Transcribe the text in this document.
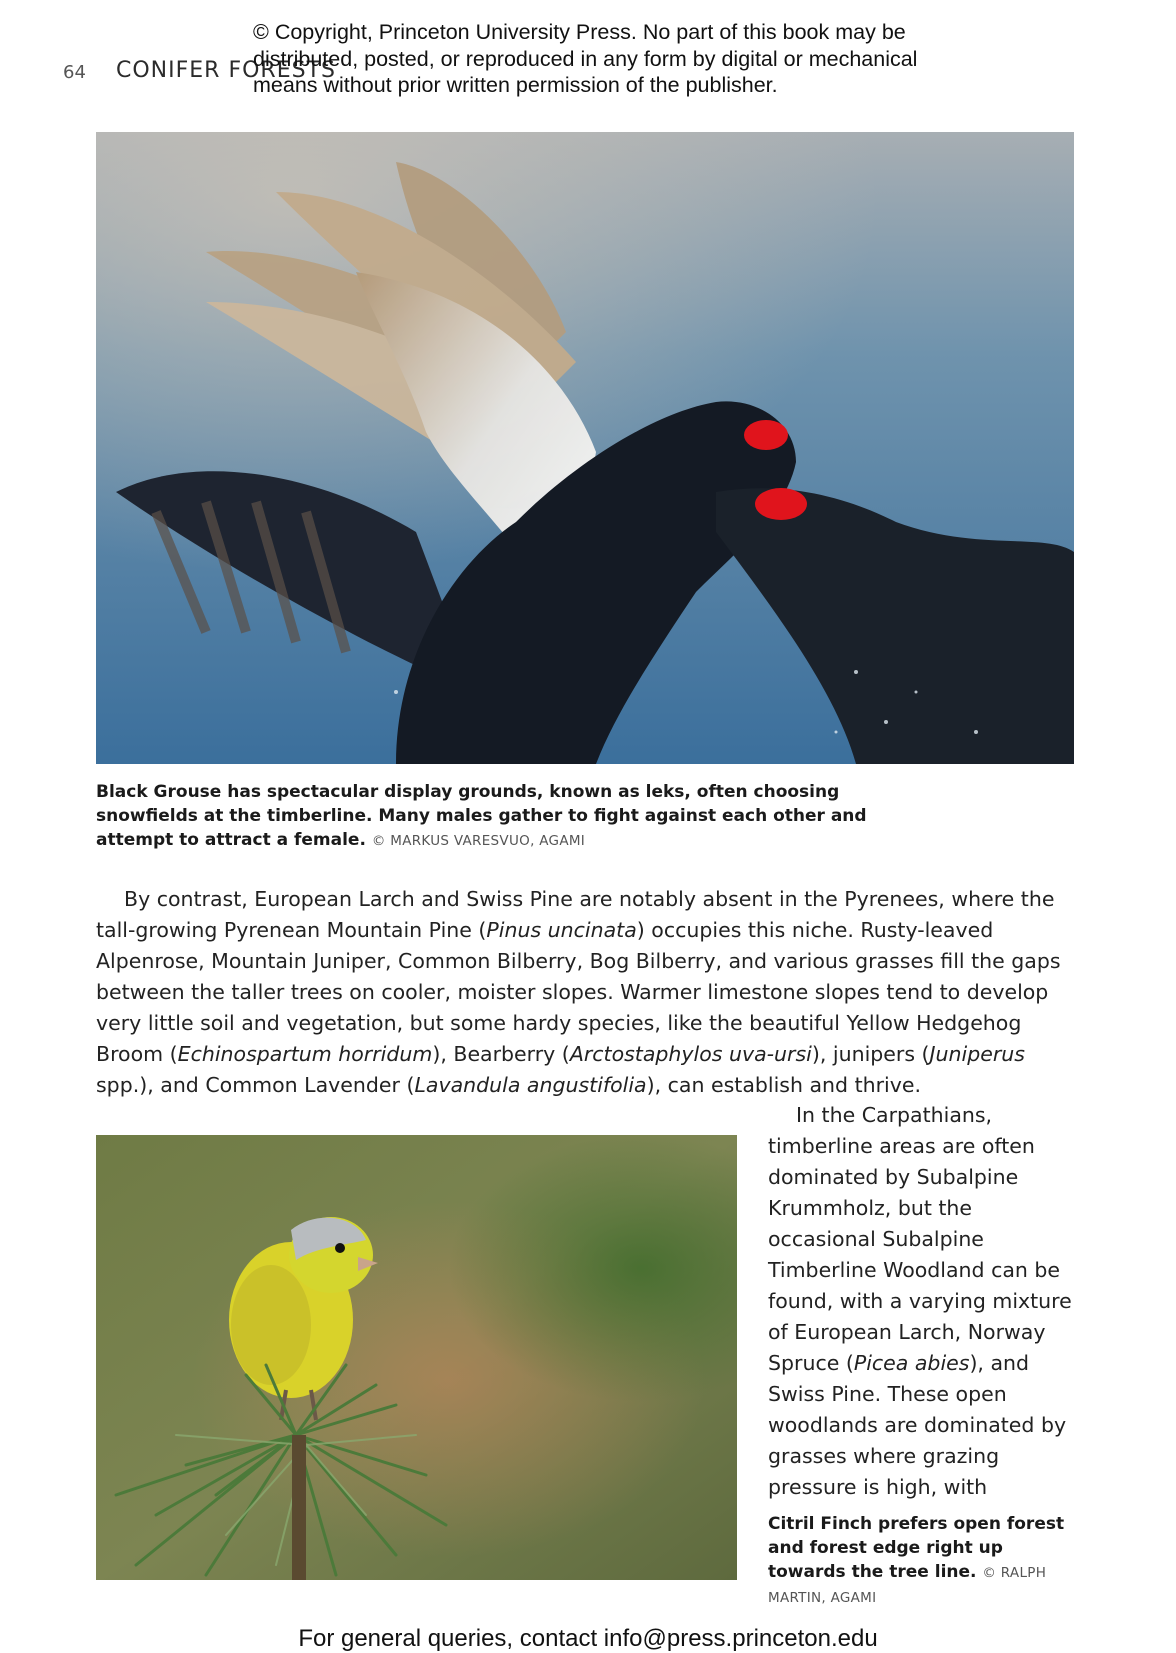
64 CONIFER FORESTS
© Copyright, Princeton University Press. No part of this book may be distributed, posted, or reproduced in any form by digital or mechanical means without prior written permission of the publisher.
Black Grouse has spectacular display grounds, known as leks, often choosing snowfields at the timberline. Many males gather to fight against each other and attempt to attract a female. © MARKUS VARESVUO, AGAMI
By contrast, European Larch and Swiss Pine are notably absent in the Pyrenees, where the tall-growing Pyrenean Mountain Pine (Pinus uncinata) occupies this niche. Rusty-leaved Alpenrose, Mountain Juniper, Common Bilberry, Bog Bilberry, and various grasses fill the gaps between the taller trees on cooler, moister slopes. Warmer limestone slopes tend to develop very little soil and vegetation, but some hardy species, like the beautiful Yellow Hedgehog Broom (Echinospartum horridum), Bearberry (Arctostaphylos uva-ursi), junipers (Juniperus spp.), and Common Lavender (Lavandula angustifolia), can establish and thrive.
In the Carpathians, timberline areas are often dominated by Subalpine Krummholz, but the occasional Subalpine Timberline Woodland can be found, with a varying mixture of European Larch, Norway Spruce (Picea abies), and Swiss Pine. These open woodlands are dominated by grasses where grazing pressure is high, with
Citril Finch prefers open forest and forest edge right up towards the tree line. © RALPH MARTIN, AGAMI
For general queries, contact info@press.princeton.edu
